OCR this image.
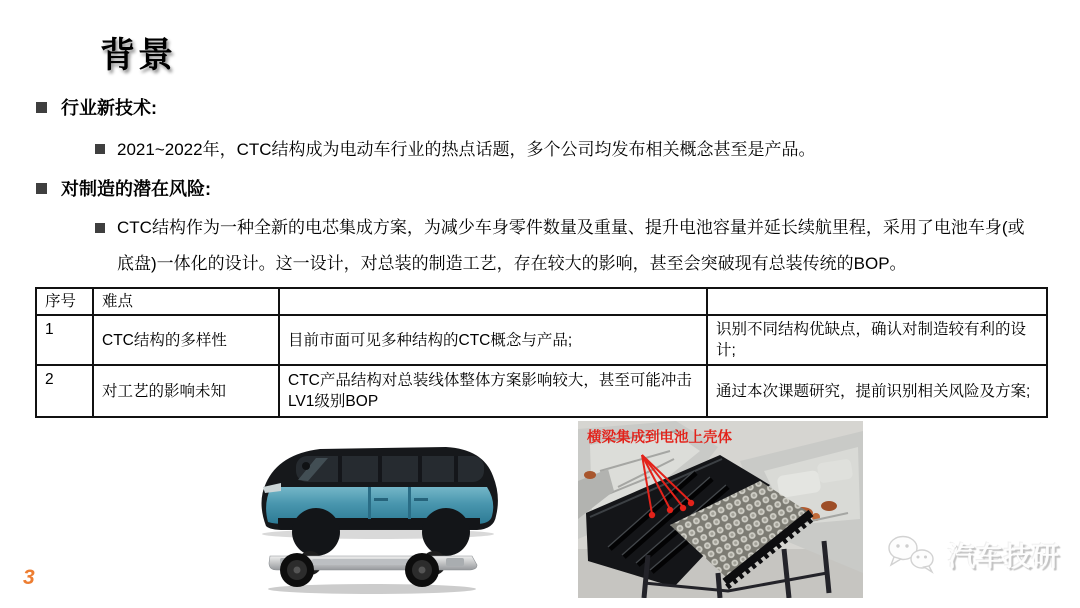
背景
行业新技术:
2021~2022年，CTC结构成为电动车行业的热点话题，多个公司均发布相关概念甚至是产品。
对制造的潜在风险:
CTC结构作为一种全新的电芯集成方案，为减少车身零件数量及重量、提升电池容量并延长续航里程，采用了电池车身(或底盘)一体化的设计。这一设计，对总装的制造工艺，存在较大的影响，甚至会突破现有总装传统的BOP。
序号	难点		
1	CTC结构的多样性	目前市面可见多种结构的CTC概念与产品;	识别不同结构优缺点，确认对制造较有利的设计;
2	对工艺的影响未知	CTC产品结构对总装线体整体方案影响较大，甚至可能冲击LV1级别BOP	通过本次课题研究，提前识别相关风险及方案;
横梁集成到电池上壳体
汽车技研
3
